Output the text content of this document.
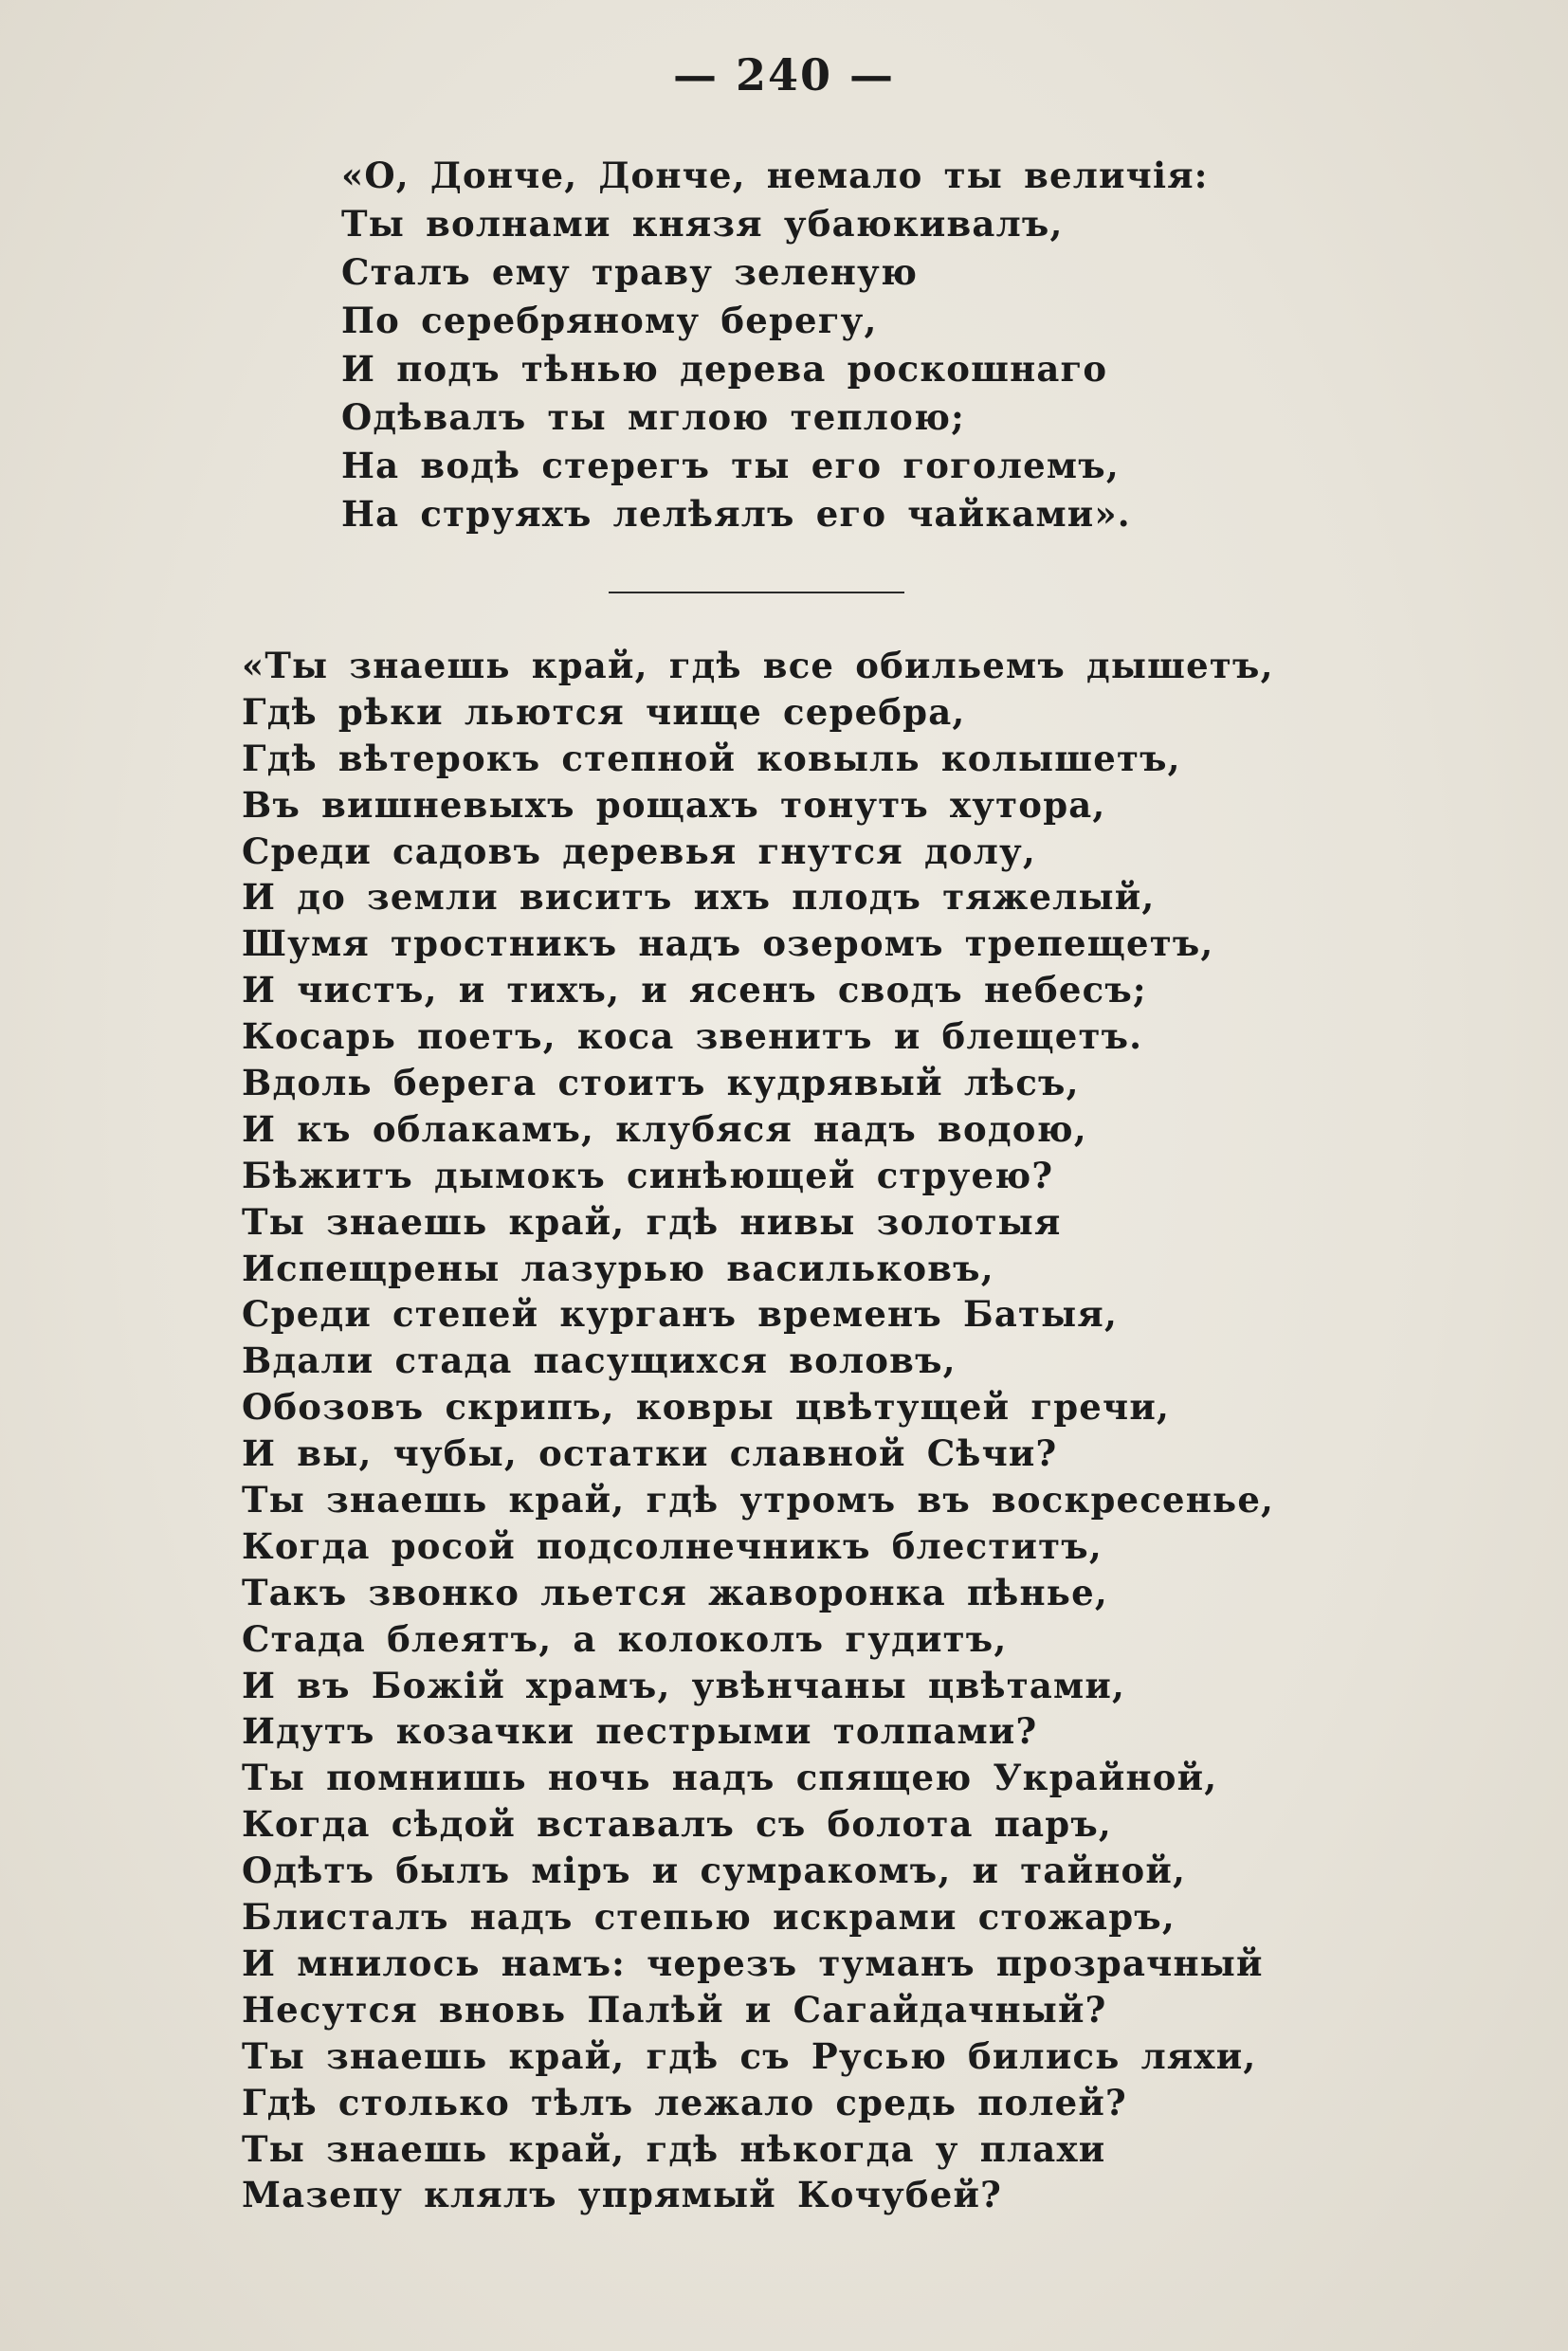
— 240 —
«О, Донче, Донче, немало ты величія:
Ты волнами князя убаюкивалъ,
Сталъ ему траву зеленую
По серебряному берегу,
И подъ тѣнью дерева роскошнаго
Одѣвалъ ты мглою теплою;
На водѣ стерегъ ты его гоголемъ,
На струяхъ лелѣялъ его чайками».
«Ты знаешь край, гдѣ все обильемъ дышетъ,
Гдѣ рѣки льются чище серебра,
Гдѣ вѣтерокъ степной ковыль колышетъ,
Въ вишневыхъ рощахъ тонутъ хутора,
Среди садовъ деревья гнутся долу,
И до земли виситъ ихъ плодъ тяжелый,
Шумя тростникъ надъ озеромъ трепещетъ,
И чистъ, и тихъ, и ясенъ сводъ небесъ;
Косарь поетъ, коса звенитъ и блещетъ.
Вдоль берега стоитъ кудрявый лѣсъ,
И къ облакамъ, клубяся надъ водою,
Бѣжитъ дымокъ синѣющей струею?
Ты знаешь край, гдѣ нивы золотыя
Испещрены лазурью васильковъ,
Среди степей курганъ временъ Батыя,
Вдали стада пасущихся воловъ,
Обозовъ скрипъ, ковры цвѣтущей гречи,
И вы, чубы, остатки славной Сѣчи?
Ты знаешь край, гдѣ утромъ въ воскресенье,
Когда росой подсолнечникъ блеститъ,
Такъ звонко льется жаворонка пѣнье,
Стада блеятъ, а колоколъ гудитъ,
И въ Божій храмъ, увѣнчаны цвѣтами,
Идутъ козачки пестрыми толпами?
Ты помнишь ночь надъ спящею Украйной,
Когда сѣдой вставалъ съ болота паръ,
Одѣтъ былъ міръ и сумракомъ, и тайной,
Блисталъ надъ степью искрами стожаръ,
И мнилось намъ: черезъ туманъ прозрачный
Несутся вновь Палѣй и Сагайдачный?
Ты знаешь край, гдѣ съ Русью бились ляхи,
Гдѣ столько тѣлъ лежало средь полей?
Ты знаешь край, гдѣ нѣкогда у плахи
Мазепу клялъ упрямый Кочубей?
